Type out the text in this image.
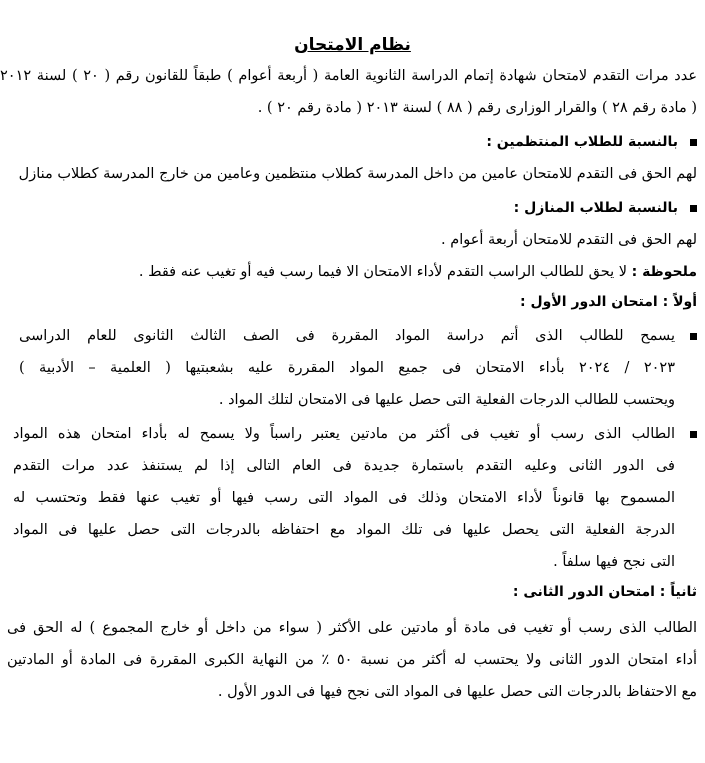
نظام الامتحان
عدد مرات التقدم لامتحان شهادة إتمام الدراسة الثانوية العامة ( أربعة أعوام ) طبقاً للقانون رقم ( ٢٠ ) لسنة ٢٠١٢
( مادة رقم ٢٨ ) والقرار الوزارى رقم ( ٨٨ ) لسنة ٢٠١٣ ( مادة رقم ٢٠ ) .
بالنسبة للطلاب المنتظمين :
لهم الحق فى التقدم للامتحان عامين من داخل المدرسة كطلاب منتظمين وعامين من خارج المدرسة كطلاب منازل
بالنسبة لطلاب المنازل :
لهم الحق فى التقدم للامتحان أربعة أعوام .
ملحوظة : لا يحق للطالب الراسب التقدم لأداء الامتحان الا فيما رسب فيه أو تغيب عنه فقط .
أولاً : امتحان الدور الأول :
يسمح للطالب الذى أتم دراسة المواد المقررة فى الصف الثالث الثانوى للعام الدراسى
٢٠٢٣ / ٢٠٢٤ بأداء الامتحان فى جميع المواد المقررة عليه بشعبتيها ( العلمية – الأدبية )
ويحتسب للطالب الدرجات الفعلية التى حصل عليها فى الامتحان لتلك المواد .
الطالب الذى رسب أو تغيب فى أكثر من مادتين يعتبر راسباً ولا يسمح له بأداء امتحان هذه المواد
فى الدور الثانى وعليه التقدم باستمارة جديدة فى العام التالى إذا لم يستنفذ عدد مرات التقدم
المسموح بها قانوناً لأداء الامتحان وذلك فى المواد التى رسب فيها أو تغيب عنها فقط وتحتسب له
الدرجة الفعلية التى يحصل عليها فى تلك المواد مع احتفاظه بالدرجات التى حصل عليها فى المواد
التى نجح فيها سلفاً .
ثانياً : امتحان الدور الثانى :
الطالب الذى رسب أو تغيب فى مادة أو مادتين على الأكثر ( سواء من داخل أو خارج المجموع ) له الحق فى
أداء امتحان الدور الثانى ولا يحتسب له أكثر من نسبة ٥٠ ٪ من النهاية الكبرى المقررة فى المادة أو المادتين
مع الاحتفاظ بالدرجات التى حصل عليها فى المواد التى نجح فيها فى الدور الأول .
